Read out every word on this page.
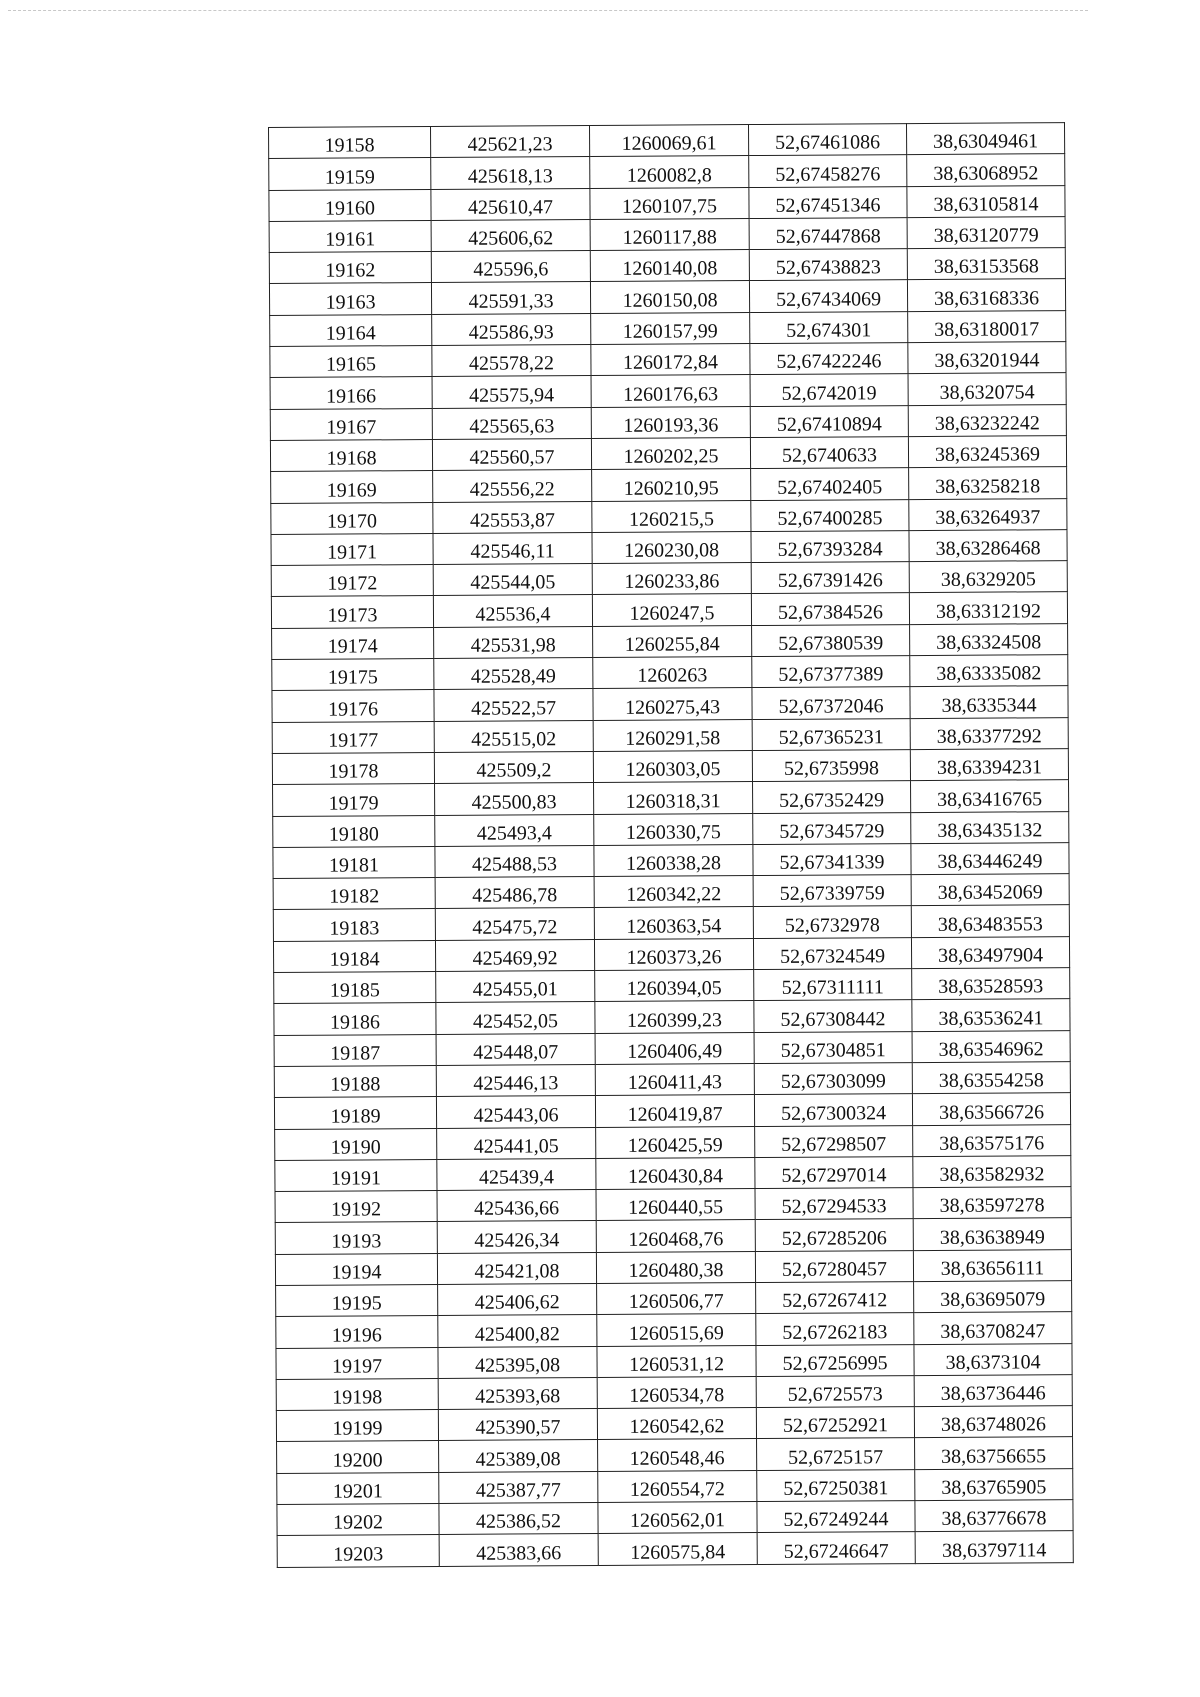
19158	425621,23	1260069,61	52,67461086	38,63049461
19159	425618,13	1260082,8	52,67458276	38,63068952
19160	425610,47	1260107,75	52,67451346	38,63105814
19161	425606,62	1260117,88	52,67447868	38,63120779
19162	425596,6	1260140,08	52,67438823	38,63153568
19163	425591,33	1260150,08	52,67434069	38,63168336
19164	425586,93	1260157,99	52,674301	38,63180017
19165	425578,22	1260172,84	52,67422246	38,63201944
19166	425575,94	1260176,63	52,6742019	38,6320754
19167	425565,63	1260193,36	52,67410894	38,63232242
19168	425560,57	1260202,25	52,6740633	38,63245369
19169	425556,22	1260210,95	52,67402405	38,63258218
19170	425553,87	1260215,5	52,67400285	38,63264937
19171	425546,11	1260230,08	52,67393284	38,63286468
19172	425544,05	1260233,86	52,67391426	38,6329205
19173	425536,4	1260247,5	52,67384526	38,63312192
19174	425531,98	1260255,84	52,67380539	38,63324508
19175	425528,49	1260263	52,67377389	38,63335082
19176	425522,57	1260275,43	52,67372046	38,6335344
19177	425515,02	1260291,58	52,67365231	38,63377292
19178	425509,2	1260303,05	52,6735998	38,63394231
19179	425500,83	1260318,31	52,67352429	38,63416765
19180	425493,4	1260330,75	52,67345729	38,63435132
19181	425488,53	1260338,28	52,67341339	38,63446249
19182	425486,78	1260342,22	52,67339759	38,63452069
19183	425475,72	1260363,54	52,6732978	38,63483553
19184	425469,92	1260373,26	52,67324549	38,63497904
19185	425455,01	1260394,05	52,67311111	38,63528593
19186	425452,05	1260399,23	52,67308442	38,63536241
19187	425448,07	1260406,49	52,67304851	38,63546962
19188	425446,13	1260411,43	52,67303099	38,63554258
19189	425443,06	1260419,87	52,67300324	38,63566726
19190	425441,05	1260425,59	52,67298507	38,63575176
19191	425439,4	1260430,84	52,67297014	38,63582932
19192	425436,66	1260440,55	52,67294533	38,63597278
19193	425426,34	1260468,76	52,67285206	38,63638949
19194	425421,08	1260480,38	52,67280457	38,63656111
19195	425406,62	1260506,77	52,67267412	38,63695079
19196	425400,82	1260515,69	52,67262183	38,63708247
19197	425395,08	1260531,12	52,67256995	38,6373104
19198	425393,68	1260534,78	52,6725573	38,63736446
19199	425390,57	1260542,62	52,67252921	38,63748026
19200	425389,08	1260548,46	52,6725157	38,63756655
19201	425387,77	1260554,72	52,67250381	38,63765905
19202	425386,52	1260562,01	52,67249244	38,63776678
19203	425383,66	1260575,84	52,67246647	38,63797114
